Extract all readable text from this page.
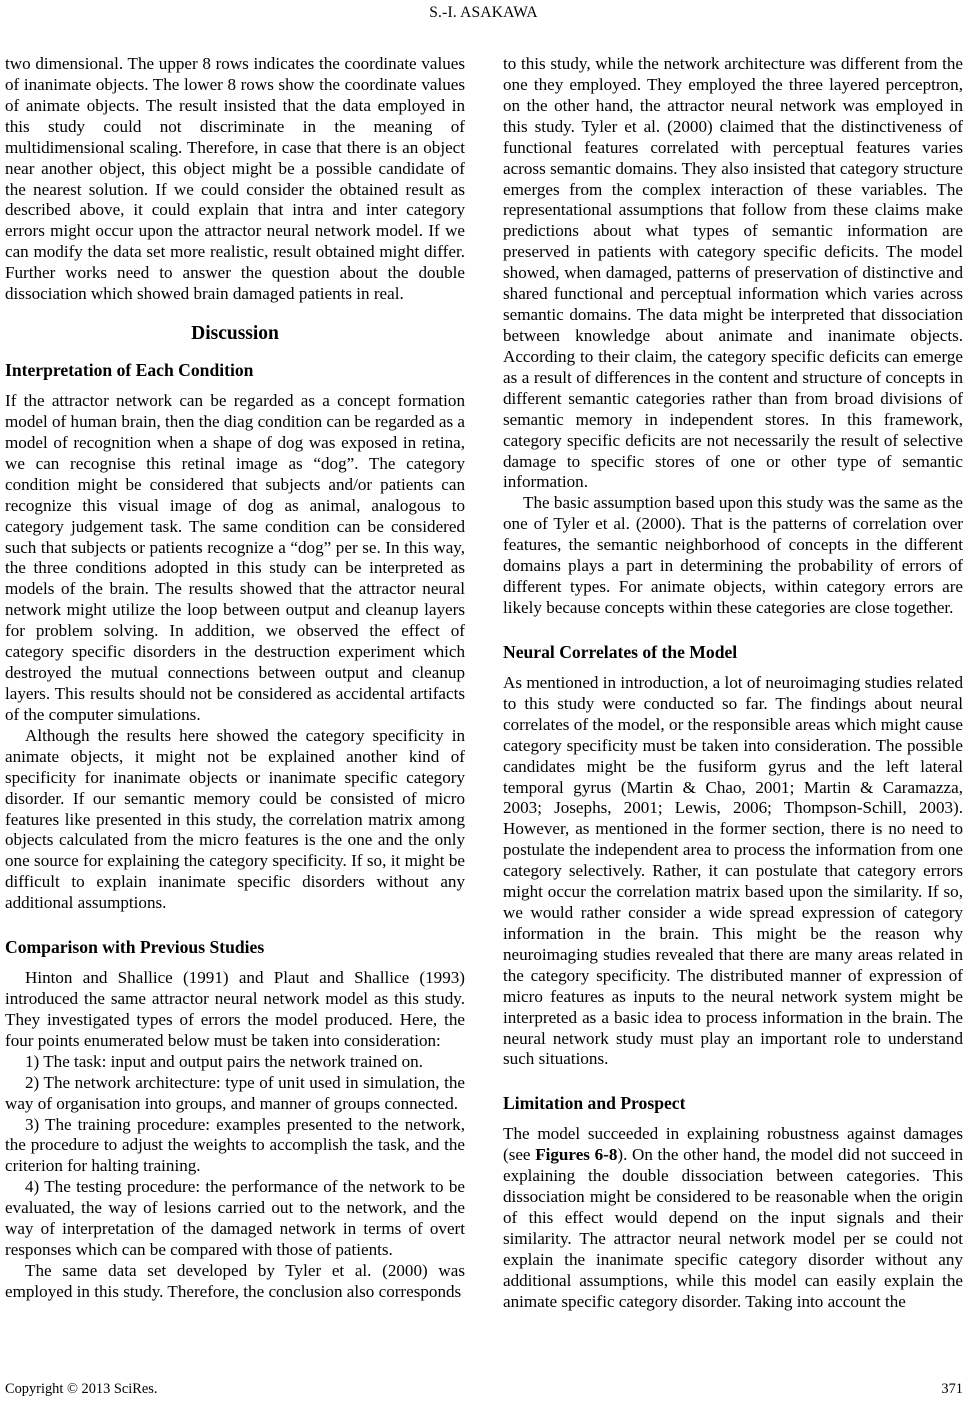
S.-I. ASAKAWA

two dimensional. The upper 8 rows indicates the coordinate values of inanimate objects. The lower 8 rows show the coordinate values of animate objects. The result insisted that the data employed in this study could not discriminate in the meaning of multidimensional scaling. Therefore, in case that there is an object near another object, this object might be a possible candidate of the nearest solution. If we could consider the obtained result as described above, it could explain that intra and inter category errors might occur upon the attractor neural network model. If we can modify the data set more realistic, result obtained might differ. Further works need to answer the question about the double dissociation which showed brain damaged patients in real.

Discussion
Interpretation of Each Condition

If the attractor network can be regarded as a concept formation model of human brain, then the diag condition can be regarded as a model of recognition when a shape of dog was exposed in retina, we can recognise this retinal image as “dog”. The category condition might be considered that subjects and/or patients can recognize this visual image of dog as animal, analogous to category judgement task. The same condition can be considered such that subjects or patients recognize a “dog” per se. In this way, the three conditions adopted in this study can be interpreted as models of the brain. The results showed that the attractor neural network might utilize the loop between output and cleanup layers for problem solving. In addition, we observed the effect of category specific disorders in the destruction experiment which destroyed the mutual connections between output and cleanup layers. This results should not be considered as accidental artifacts of the computer simulations.

Although the results here showed the category specificity in animate objects, it might not be explained another kind of specificity for inanimate objects or inanimate specific category disorder. If our semantic memory could be consisted of micro features like presented in this study, the correlation matrix among objects calculated from the micro features is the one and the only one source for explaining the category specificity. If so, it might be difficult to explain inanimate specific disorders without any additional assumptions.

Comparison with Previous Studies

Hinton and Shallice (1991) and Plaut and Shallice (1993) introduced the same attractor neural network model as this study. They investigated types of errors the model produced. Here, the four points enumerated below must be taken into consideration:

1) The task: input and output pairs the network trained on.

2) The network architecture: type of unit used in simulation, the way of organisation into groups, and manner of groups connected.

3) The training procedure: examples presented to the network, the procedure to adjust the weights to accomplish the task, and the criterion for halting training.

4) The testing procedure: the performance of the network to be evaluated, the way of lesions carried out to the network, and the way of interpretation of the damaged network in terms of overt responses which can be compared with those of patients.

The same data set developed by Tyler et al. (2000) was employed in this study. Therefore, the conclusion also corresponds

to this study, while the network architecture was different from the one they employed. They employed the three layered perceptron, on the other hand, the attractor neural network was employed in this study. Tyler et al. (2000) claimed that the distinctiveness of functional features correlated with perceptual features varies across semantic domains. They also insisted that category structure emerges from the complex interaction of these variables. The representational assumptions that follow from these claims make predictions about what types of semantic information are preserved in patients with category specific deficits. The model showed, when damaged, patterns of preservation of distinctive and shared functional and perceptual information which varies across semantic domains. The data might be interpreted that dissociation between knowledge about animate and inanimate objects. According to their claim, the category specific deficits can emerge as a result of differences in the content and structure of concepts in different semantic categories rather than from broad divisions of semantic memory in independent stores. In this framework, category specific deficits are not necessarily the result of selective damage to specific stores of one or other type of semantic information.

The basic assumption based upon this study was the same as the one of Tyler et al. (2000). That is the patterns of correlation over features, the semantic neighborhood of concepts in the different domains plays a part in determining the probability of errors of different types. For animate objects, within category errors are likely because concepts within these categories are close together.

Neural Correlates of the Model

As mentioned in introduction, a lot of neuroimaging studies related to this study were conducted so far. The findings about neural correlates of the model, or the responsible areas which might cause category specificity must be taken into consideration. The possible candidates might be the fusiform gyrus and the left lateral temporal gyrus (Martin & Chao, 2001; Martin & Caramazza, 2003; Josephs, 2001; Lewis, 2006; Thompson-Schill, 2003). However, as mentioned in the former section, there is no need to postulate the independent area to process the information from one category selectively. Rather, it can postulate that category errors might occur the correlation matrix based upon the similarity. If so, we would rather consider a wide spread expression of category information in the brain. This might be the reason why neuroimaging studies revealed that there are many areas related in the category specificity. The distributed manner of expression of micro features as inputs to the neural network system might be interpreted as a basic idea to process information in the brain. The neural network study must play an important role to understand such situations.

Limitation and Prospect

The model succeeded in explaining robustness against damages (see Figures 6-8). On the other hand, the model did not succeed in explaining the double dissociation between categories. This dissociation might be considered to be reasonable when the origin of this effect would depend on the input signals and their similarity. The attractor neural network model per se could not explain the inanimate specific category disorder without any additional assumptions, while this model can easily explain the animate specific category disorder. Taking into account the

Copyright © 2013 SciRes.	371
